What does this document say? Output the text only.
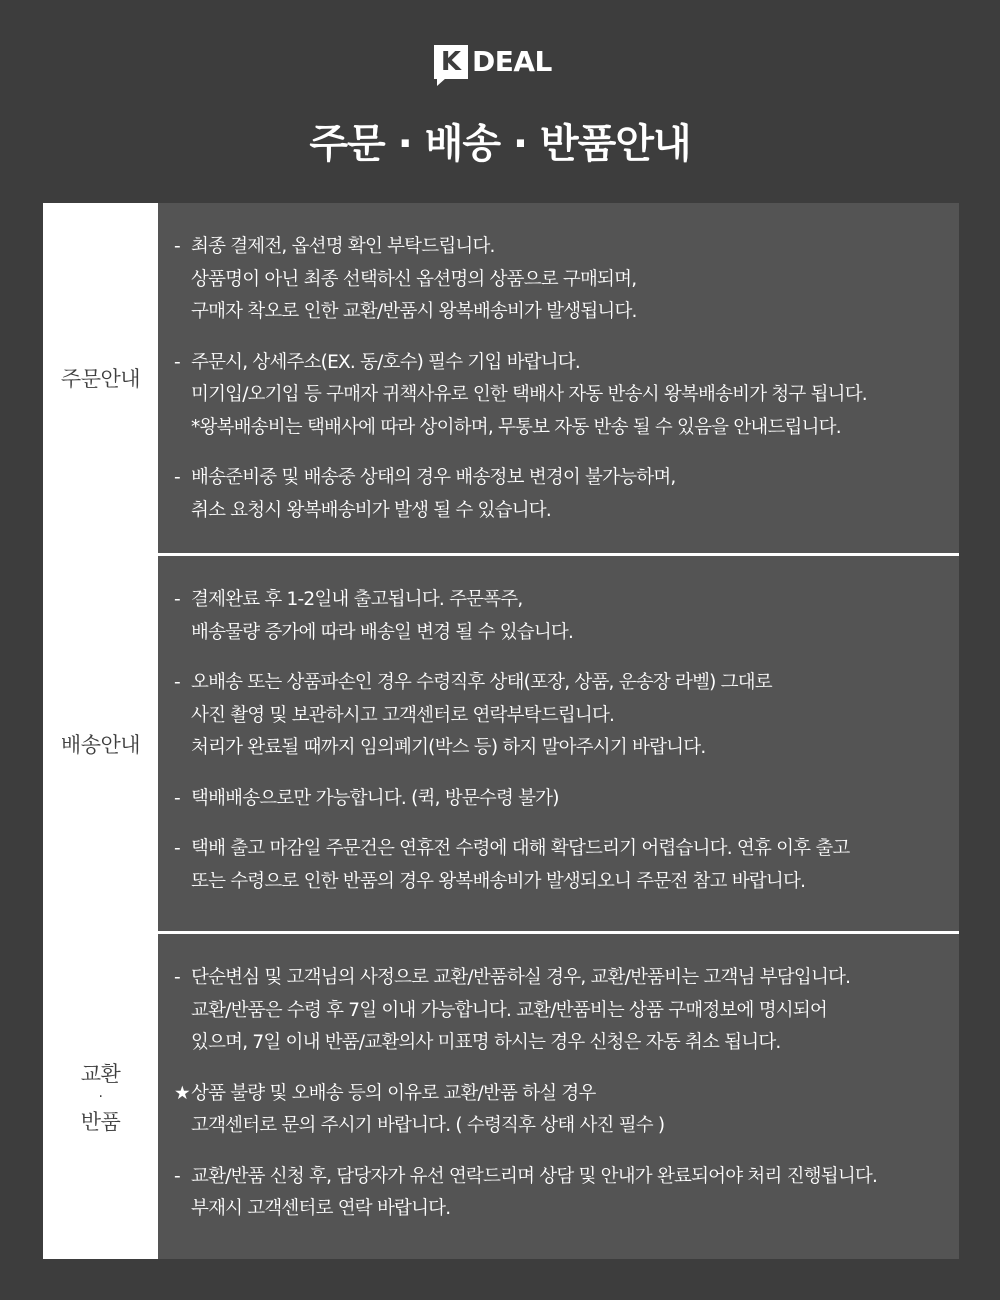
K DEAL
주문 · 배송 · 반품안내
주문안내
- 최종 결제전, 옵션명 확인 부탁드립니다.
상품명이 아닌 최종 선택하신 옵션명의 상품으로 구매되며,
구매자 착오로 인한 교환/반품시 왕복배송비가 발생됩니다.
- 주문시, 상세주소(EX. 동/호수) 필수 기입 바랍니다.
미기입/오기입 등 구매자 귀책사유로 인한 택배사 자동 반송시 왕복배송비가 청구 됩니다.
*왕복배송비는 택배사에 따라 상이하며, 무통보 자동 반송 될 수 있음을 안내드립니다.
- 배송준비중 및 배송중 상태의 경우 배송정보 변경이 불가능하며,
취소 요청시 왕복배송비가 발생 될 수 있습니다.
배송안내
- 결제완료 후 1-2일내 출고됩니다. 주문폭주,
배송물량 증가에 따라 배송일 변경 될 수 있습니다.
- 오배송 또는 상품파손인 경우 수령직후 상태(포장, 상품, 운송장 라벨) 그대로
사진 촬영 및 보관하시고 고객센터로 연락부탁드립니다.
처리가 완료될 때까지 임의폐기(박스 등) 하지 말아주시기 바랍니다.
- 택배배송으로만 가능합니다. (퀵, 방문수령 불가)
- 택배 출고 마감일 주문건은 연휴전 수령에 대해 확답드리기 어렵습니다. 연휴 이후 출고
또는 수령으로 인한 반품의 경우 왕복배송비가 발생되오니 주문전 참고 바랍니다.
교환
·
반품
- 단순변심 및 고객님의 사정으로 교환/반품하실 경우, 교환/반품비는 고객님 부담입니다.
교환/반품은 수령 후 7일 이내 가능합니다. 교환/반품비는 상품 구매정보에 명시되어
있으며, 7일 이내 반품/교환의사 미표명 하시는 경우 신청은 자동 취소 됩니다.
★ 상품 불량 및 오배송 등의 이유로 교환/반품 하실 경우
고객센터로 문의 주시기 바랍니다. ( 수령직후 상태 사진 필수 )
- 교환/반품 신청 후, 담당자가 유선 연락드리며 상담 및 안내가 완료되어야 처리 진행됩니다.
부재시 고객센터로 연락 바랍니다.
